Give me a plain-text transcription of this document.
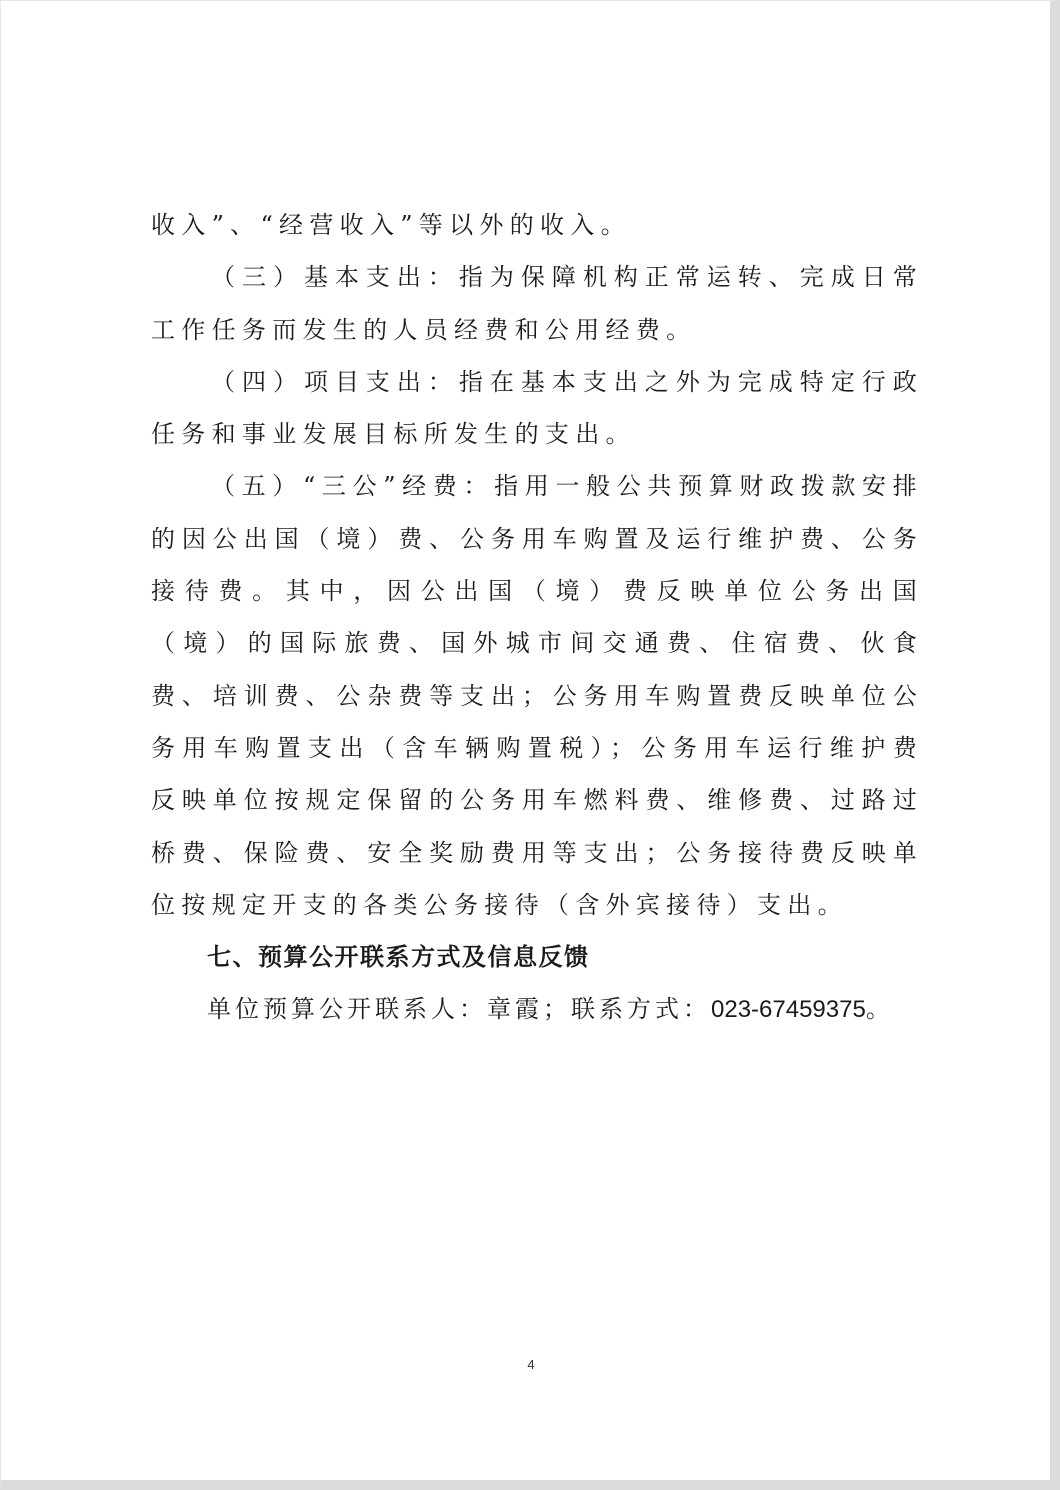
收入”、“经营收入”等以外的收入。

（三）基本支出：指为保障机构正常运转、完成日常工作任务而发生的人员经费和公用经费。

（四）项目支出：指在基本支出之外为完成特定行政任务和事业发展目标所发生的支出。

（五）“三公”经费：指用一般公共预算财政拨款安排的因公出国（境）费、公务用车购置及运行维护费、公务接待费。其中，因公出国（境）费反映单位公务出国（境）的国际旅费、国外城市间交通费、住宿费、伙食费、培训费、公杂费等支出；公务用车购置费反映单位公务用车购置支出（含车辆购置税）；公务用车运行维护费反映单位按规定保留的公务用车燃料费、维修费、过路过桥费、保险费、安全奖励费用等支出；公务接待费反映单位按规定开支的各类公务接待（含外宾接待）支出。

七、预算公开联系方式及信息反馈

单位预算公开联系人：章霞；联系方式：023-67459375。

4
